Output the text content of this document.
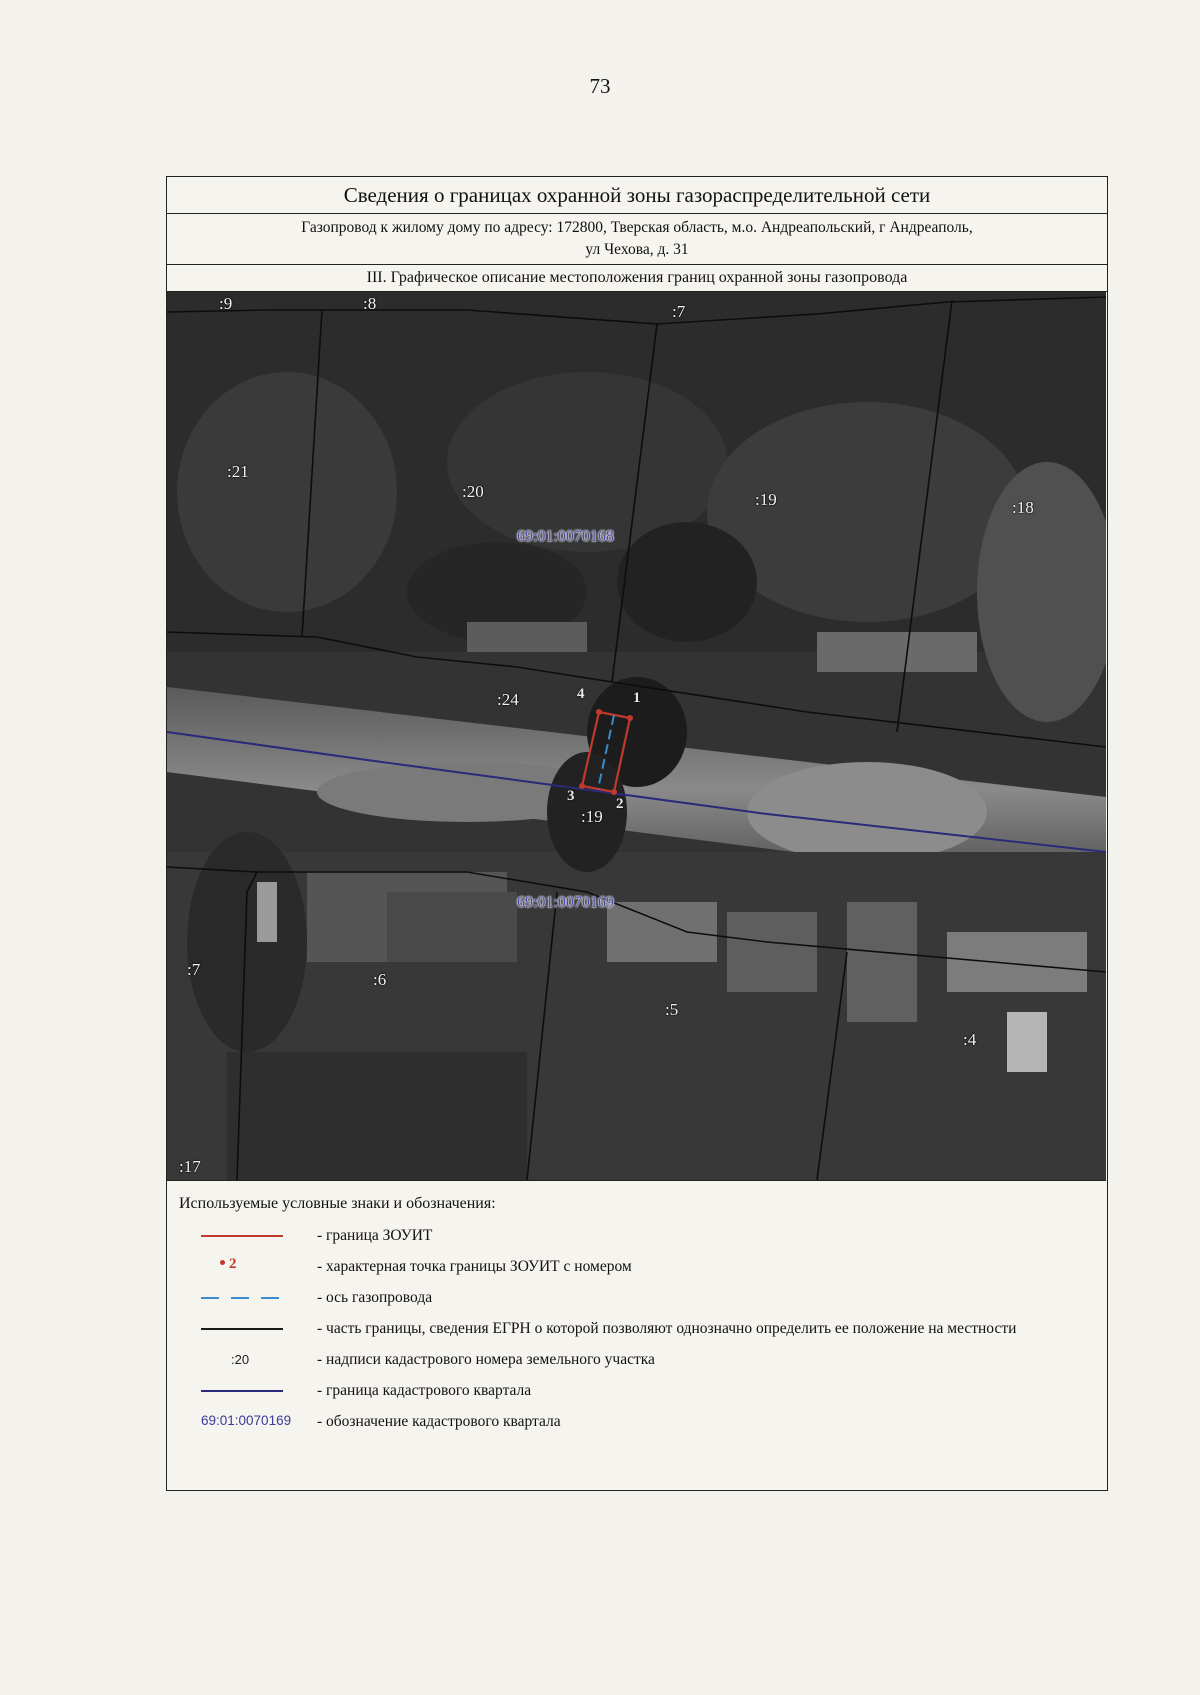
73
Сведения о границах охранной зоны газораспределительной сети
Газопровод к жилому дому по адресу: 172800, Тверская область, м.о. Андреапольский, г Андреаполь,
ул Чехова, д. 31
III. Графическое описание местоположения границ охранной зоны газопровода
:9	:8	:7
:21
:20	:19	:18
:24
:19
:7
:6
:5
:4
:17
69:01:0070168
69:01:0070169
1
2
3
4
Используемые условные знаки и обозначения:
- граница ЗОУИТ
2	- характерная точка границы ЗОУИТ с номером
- ось газопровода
- часть границы, сведения ЕГРН о которой позволяют однозначно определить ее положение на местности
:20	- надписи кадастрового номера земельного участка
- граница кадастрового квартала
69:01:0070169 - обозначение кадастрового квартала
